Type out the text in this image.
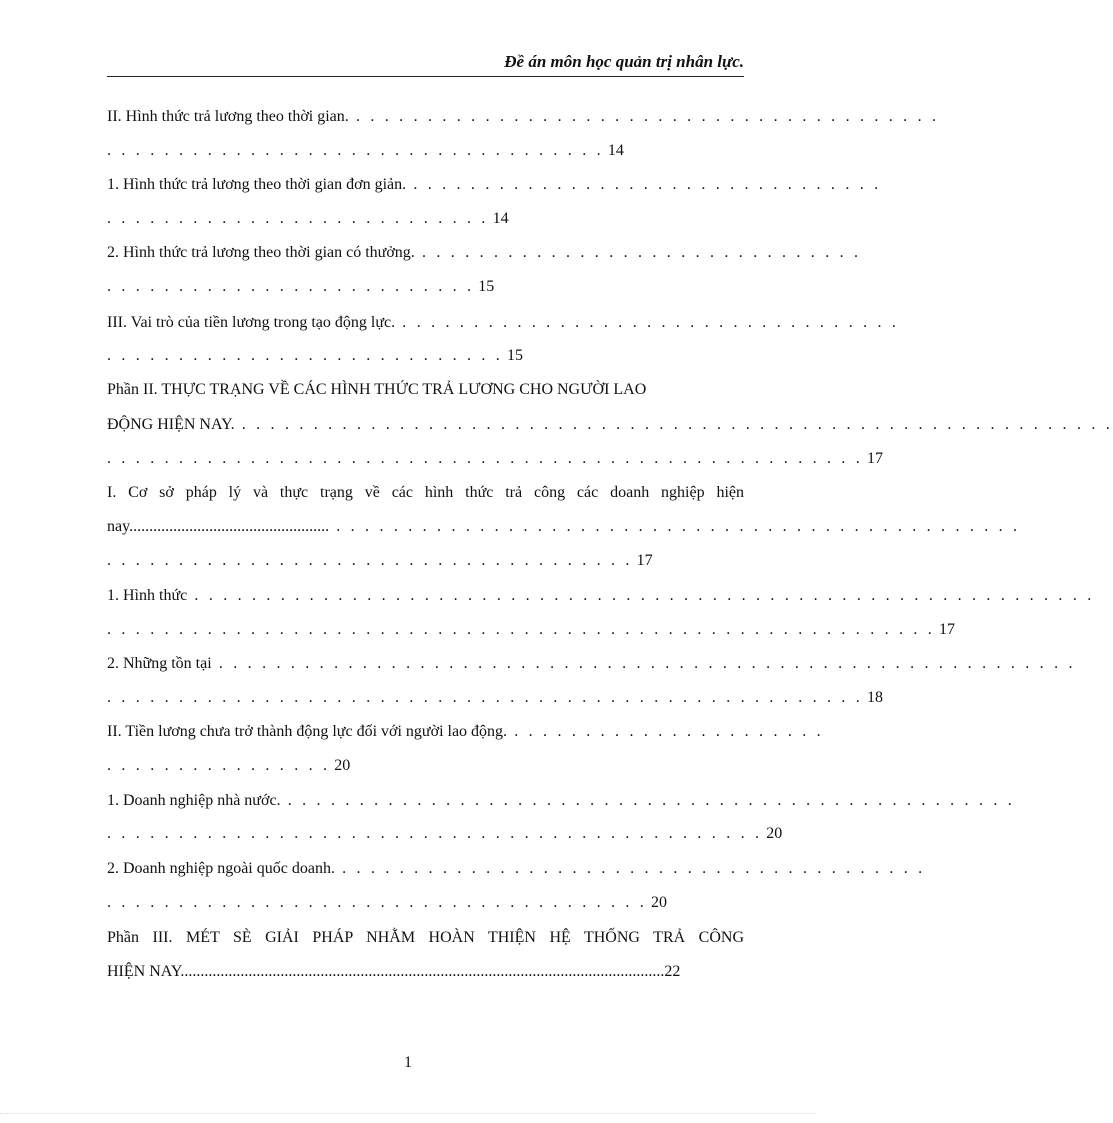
Đề án môn học quản trị nhân lực.
II. Hình thức trả lương theo thời gian. . . . . . . . . . . . . . . . . . . . . . . . . . . . . . . . . . . . . . . . . .
. . . . . . . . . . . . . . . . . . . . . . . . . . . . . . . . . . . 14
1. Hình thức trả lương theo thời gian đơn giản. . . . . . . . . . . . . . . . . . . . . . . . . . . . . . . . . .
. . . . . . . . . . . . . . . . . . . . . . . . . . . 14
2. Hình thức trả lương theo thời gian có thưởng. . . . . . . . . . . . . . . . . . . . . . . . . . . . . . . .
. . . . . . . . . . . . . . . . . . . . . . . . . . 15
III. Vai trò của tiền lương trong tạo động lực. . . . . . . . . . . . . . . . . . . . . . . . . . . . . . . . . . . .
. . . . . . . . . . . . . . . . . . . . . . . . . . . . 15
Phần II. THỰC TRẠNG VỀ CÁC HÌNH THỨC TRẢ LƯƠNG CHO NGƯỜI LAO
ĐỘNG HIỆN NAY. . . . . . . . . . . . . . . . . . . . . . . . . . . . . . . . . . . . . . . . . . . . . . . . . . . . . . . . . . . . . .
. . . . . . . . . . . . . . . . . . . . . . . . . . . . . . . . . . . . . . . . . . . . . . . . . . . . . 17
I. Cơ sở pháp lý và thực trạng về các hình thức trả công các doanh nghiệp hiện
nay.................................................. . . . . . . . . . . . . . . . . . . . . . . . . . . . . . . . . . . . . . . . . . . . . . . . .
. . . . . . . . . . . . . . . . . . . . . . . . . . . . . . . . . . . . . 17
1. Hình thức . . . . . . . . . . . . . . . . . . . . . . . . . . . . . . . . . . . . . . . . . . . . . . . . . . . . . . . . . . . . . . .
. . . . . . . . . . . . . . . . . . . . . . . . . . . . . . . . . . . . . . . . . . . . . . . . . . . . . . . . . . 17
2. Những tồn tại . . . . . . . . . . . . . . . . . . . . . . . . . . . . . . . . . . . . . . . . . . . . . . . . . . . . . . . . . . . .
. . . . . . . . . . . . . . . . . . . . . . . . . . . . . . . . . . . . . . . . . . . . . . . . . . . . . 18
II. Tiền lương chưa trở thành động lực đối với người lao động. . . . . . . . . . . . . . . . . . . . . . .
. . . . . . . . . . . . . . . . 20
1. Doanh nghiệp nhà nước. . . . . . . . . . . . . . . . . . . . . . . . . . . . . . . . . . . . . . . . . . . . . . . . . . . .
. . . . . . . . . . . . . . . . . . . . . . . . . . . . . . . . . . . . . . . . . . . . . . 20
2. Doanh nghiệp ngoài quốc doanh. . . . . . . . . . . . . . . . . . . . . . . . . . . . . . . . . . . . . . . . . .
. . . . . . . . . . . . . . . . . . . . . . . . . . . . . . . . . . . . . . 20
Phần III. MÉT SÈ GIẢI PHÁP NHẰM HOÀN THIỆN HỆ THỐNG TRẢ CÔNG
HIỆN NAY.........................................................................................................................22
1
